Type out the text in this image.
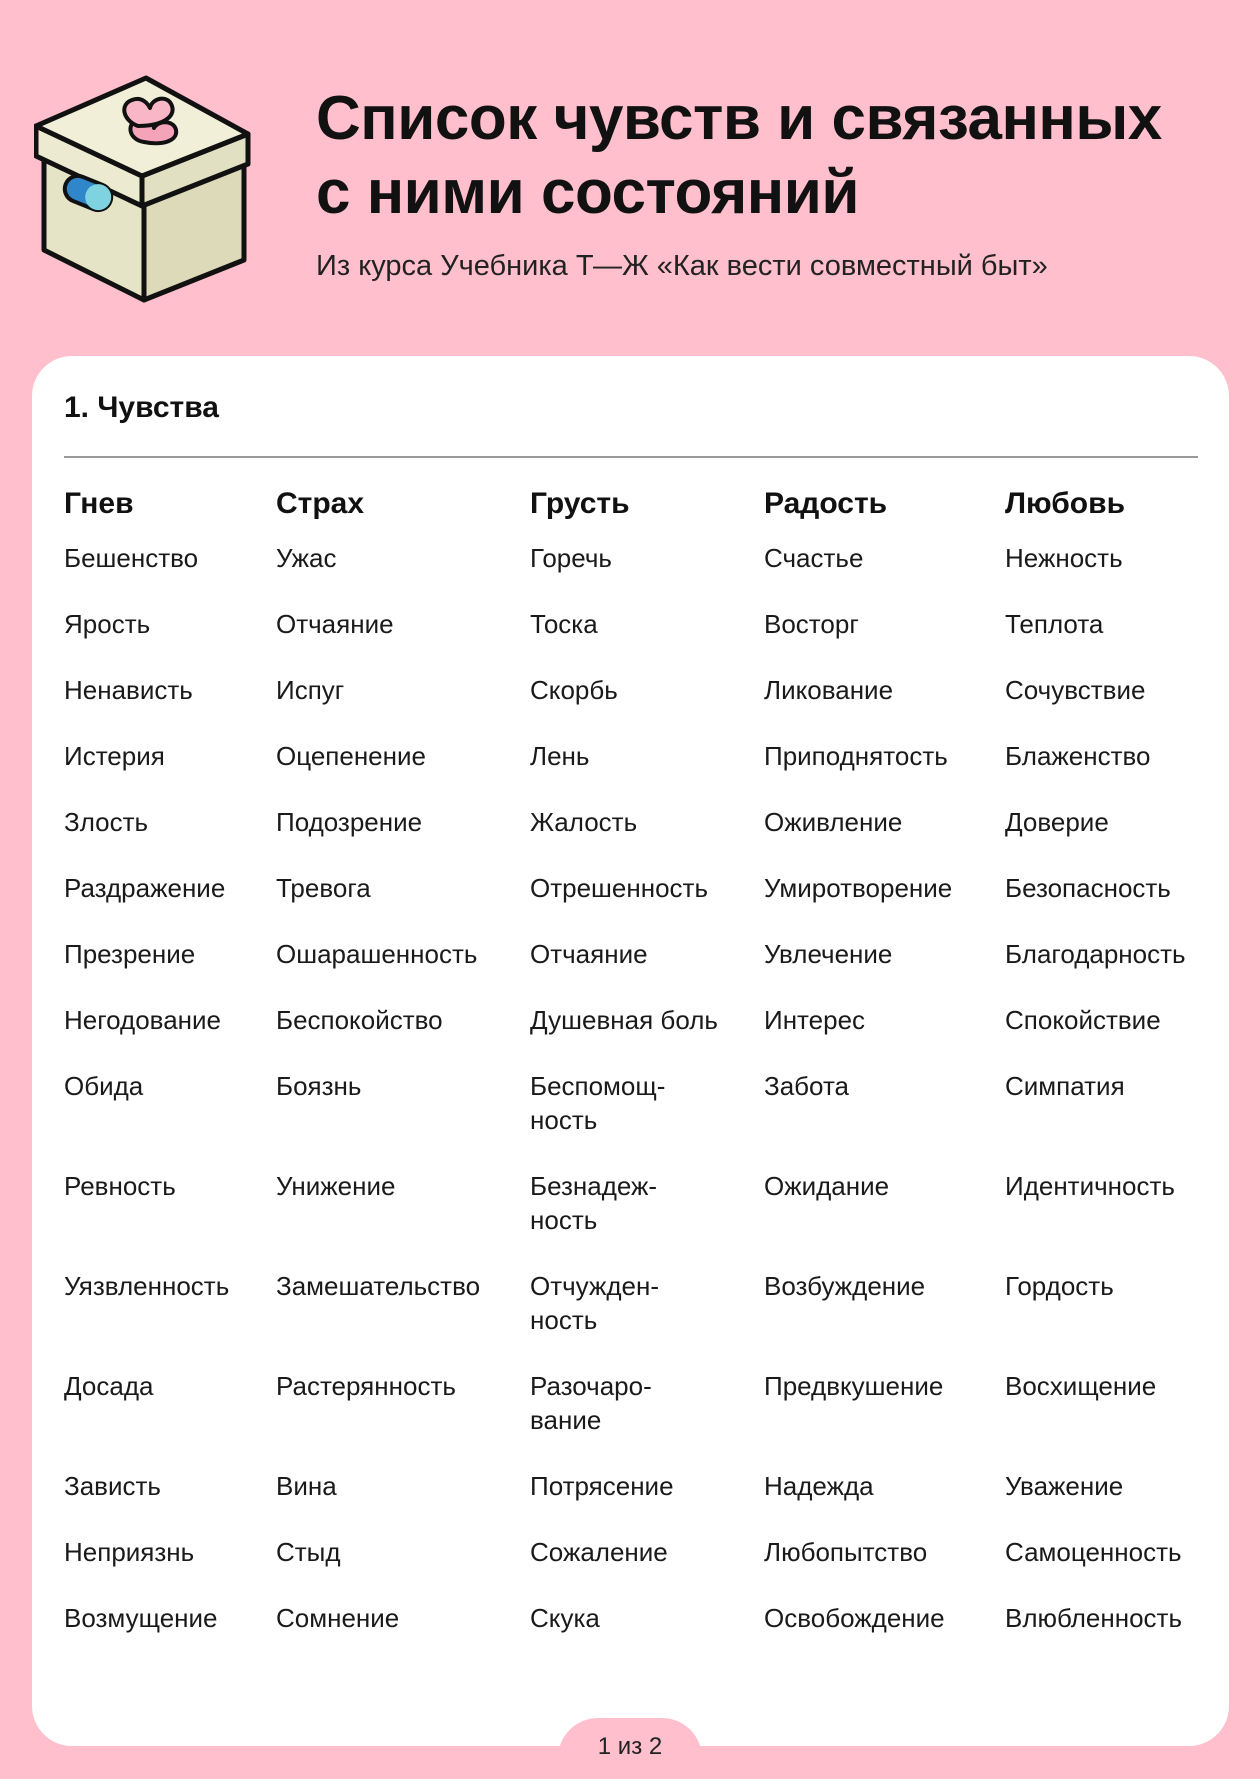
Список чувств и связанных
с ними состояний
Из курса Учебника Т—Ж «Как вести совместный быт»
1. Чувства
Гнев
Бешенство
Ярость
Ненависть
Истерия
Злость
Раздражение
Презрение
Негодование
Обида
Ревность
Уязвленность
Досада
Зависть
Неприязнь
Возмущение
Страх
Ужас
Отчаяние
Испуг
Оцепенение
Подозрение
Тревога
Ошарашенность
Беспокойство
Боязнь
Унижение
Замешательство
Растерянность
Вина
Стыд
Сомнение
Грусть
Горечь
Тоска
Скорбь
Лень
Жалость
Отрешенность
Отчаяние
Душевная боль
Беспомощ-
ность
Безнадеж-
ность
Отчужден-
ность
Разочаро-
вание
Потрясение
Сожаление
Скука
Радость
Счастье
Восторг
Ликование
Приподнятость
Оживление
Умиротворение
Увлечение
Интерес
Забота
Ожидание
Возбуждение
Предвкушение
Надежда
Любопытство
Освобождение
Любовь
Нежность
Теплота
Сочувствие
Блаженство
Доверие
Безопасность
Благодарность
Спокойствие
Симпатия
Идентичность
Гордость
Восхищение
Уважение
Самоценность
Влюбленность
1 из 2
